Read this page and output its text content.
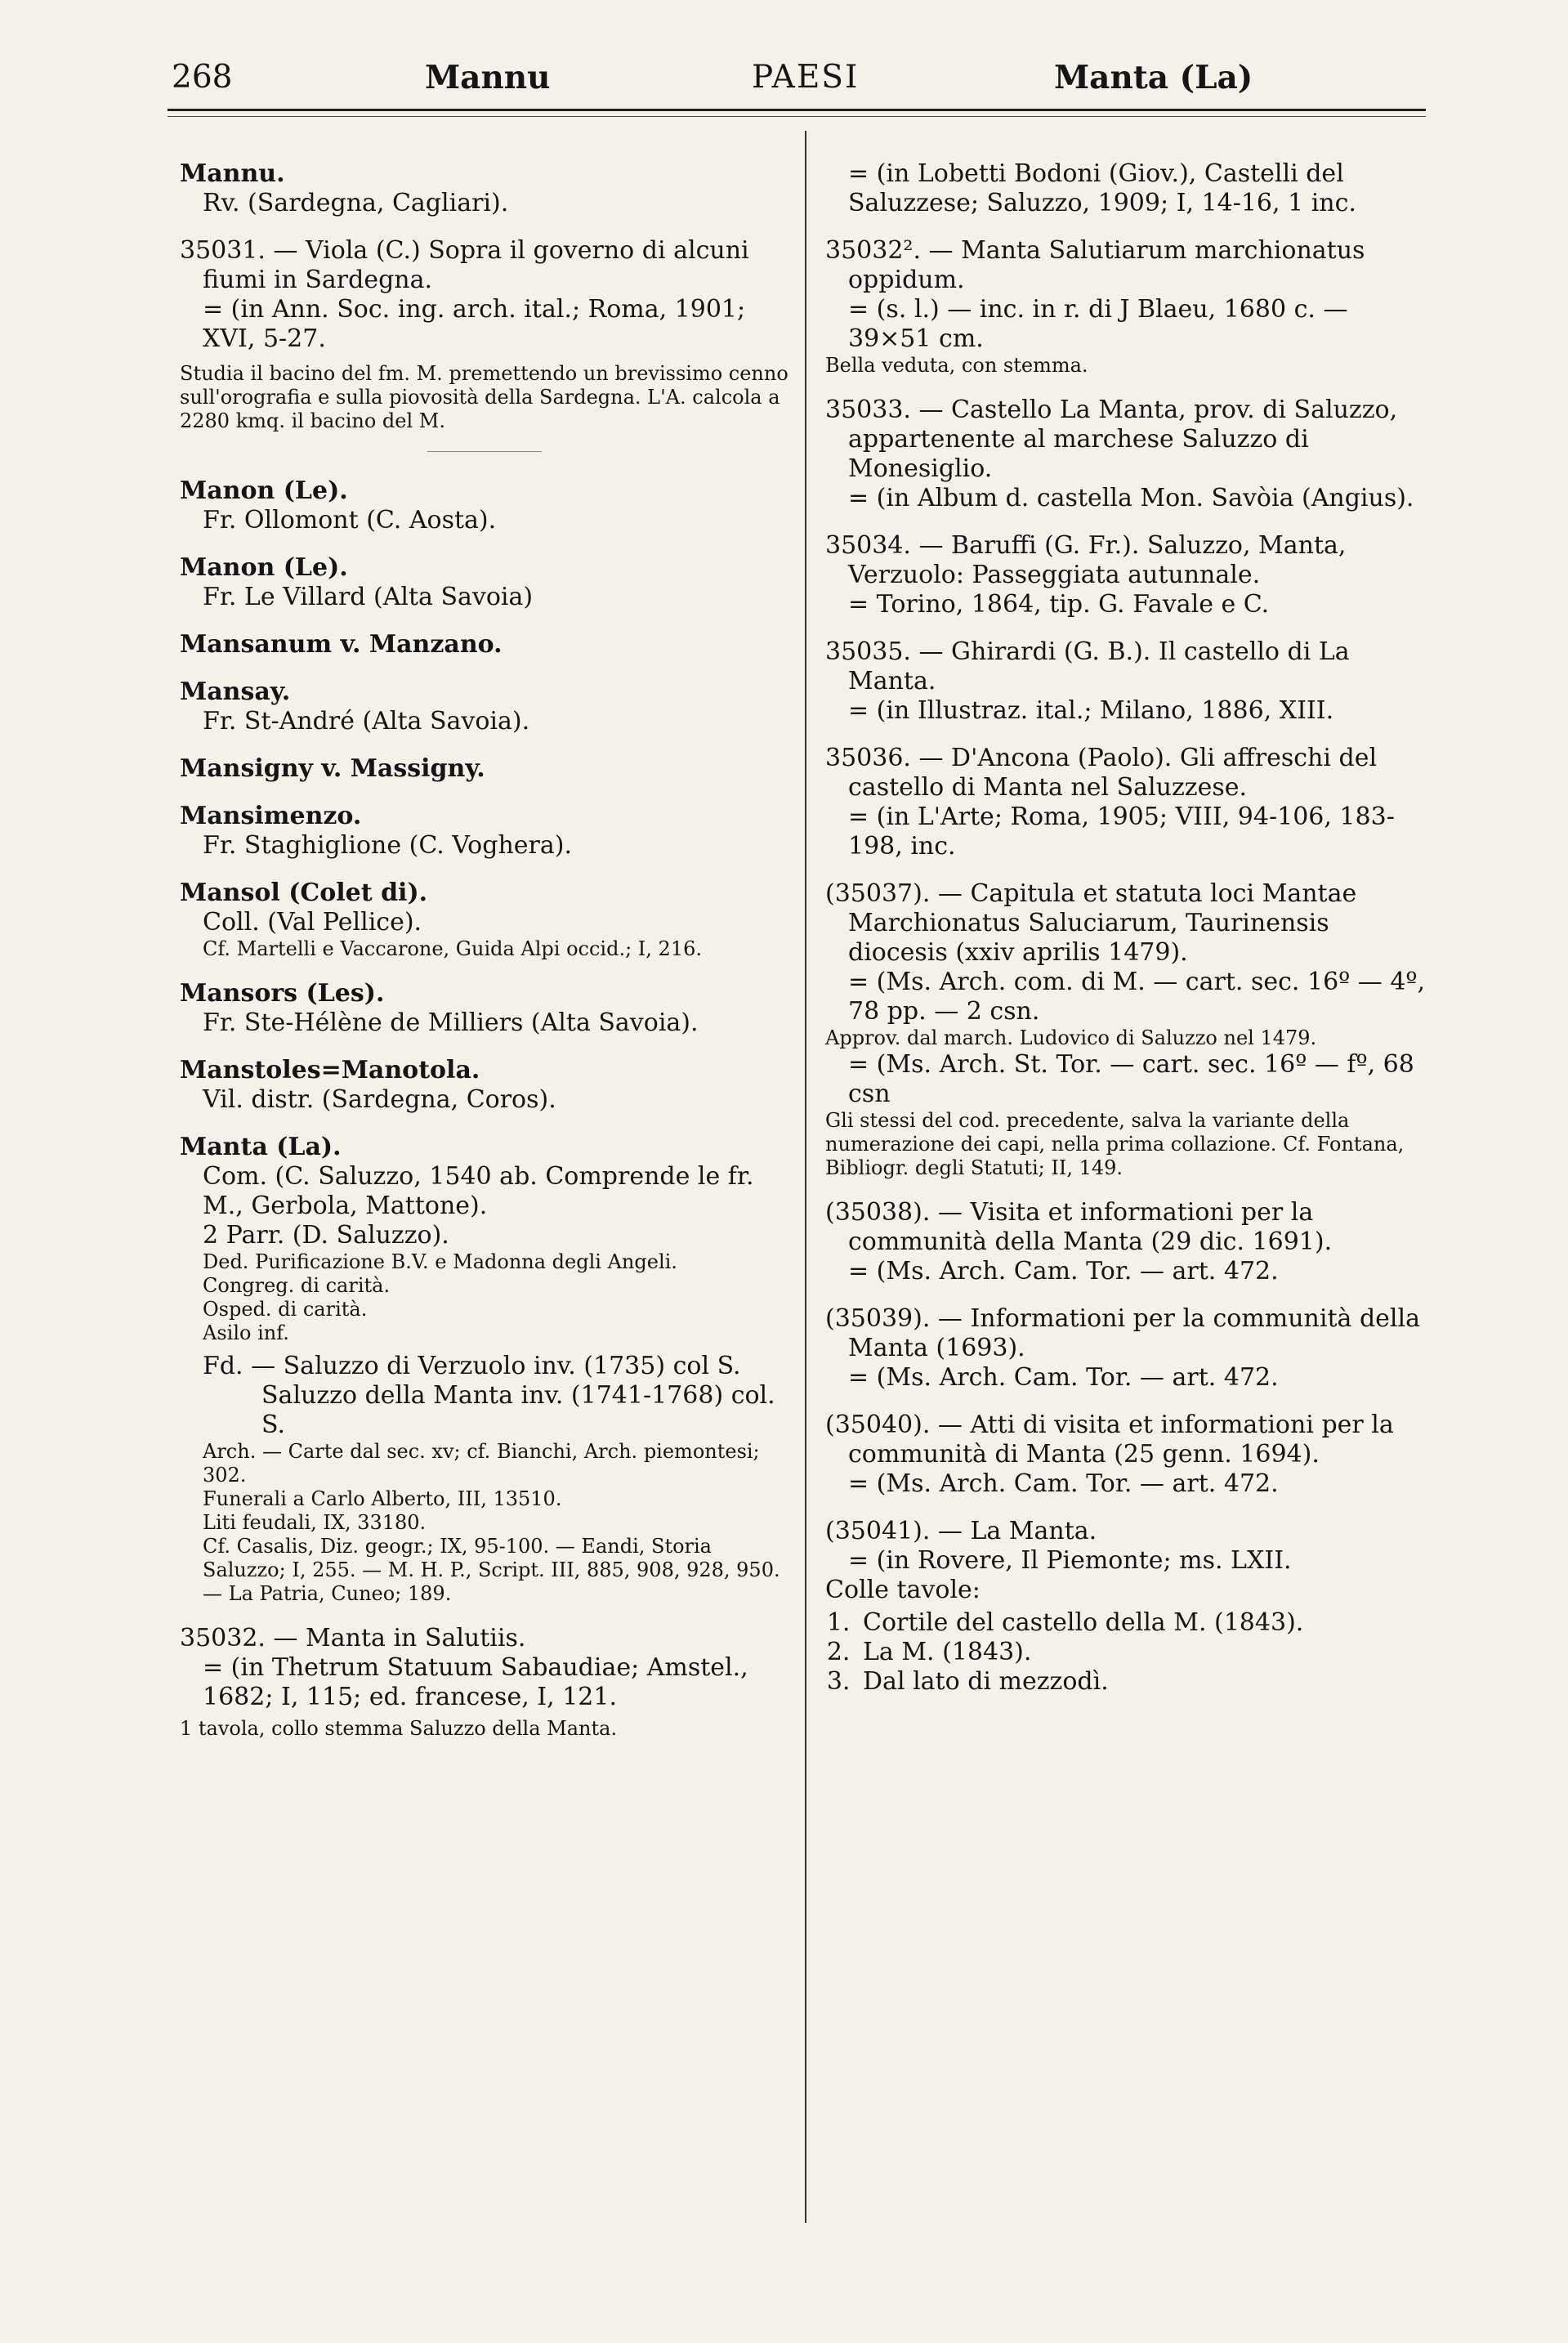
268	Mannu	PAESI	Manta (La)
Mannu.
Rv. (Sardegna, Cagliari).
35031. — Viola (C.) Sopra il governo di alcuni fiumi in Sardegna.
= (in Ann. Soc. ing. arch. ital.; Roma, 1901; XVI, 5-27.
Studia il bacino del fm. M. premettendo un brevissimo cenno sull'orografia e sulla piovosità della Sardegna. L'A. calcola a 2280 kmq. il bacino del M.
Manon (Le).
Fr. Ollomont (C. Aosta).
Manon (Le).
Fr. Le Villard (Alta Savoia)
Mansanum v. Manzano.
Mansay.
Fr. St-André (Alta Savoia).
Mansigny v. Massigny.
Mansimenzo.
Fr. Staghiglione (C. Voghera).
Mansol (Colet di).
Coll. (Val Pellice).
Cf. Martelli e Vaccarone, Guida Alpi occid.; I, 216.
Mansors (Les).
Fr. Ste-Hélène de Milliers (Alta Savoia).
Manstoles=Manotola.
Vil. distr. (Sardegna, Coros).
Manta (La).
Com. (C. Saluzzo, 1540 ab. Comprende le fr. M., Gerbola, Mattone).
2 Parr. (D. Saluzzo).
Ded. Purificazione B.V. e Madonna degli Angeli.
Congreg. di carità.
Osped. di carità.
Asilo inf.
Fd. — Saluzzo di Verzuolo inv. (1735) col S.
Saluzzo della Manta inv. (1741-1768) col. S.
Arch. — Carte dal sec. xv; cf. Bianchi, Arch. piemontesi; 302.
Funerali a Carlo Alberto, III, 13510.
Liti feudali, IX, 33180.
Cf. Casalis, Diz. geogr.; IX, 95-100. — Eandi, Storia Saluzzo; I, 255. — M. H. P., Script. III, 885, 908, 928, 950. — La Patria, Cuneo; 189.
35032. — Manta in Salutiis.
= (in Thetrum Statuum Sabaudiae; Amstel., 1682; I, 115; ed. francese, I, 121.
1 tavola, collo stemma Saluzzo della Manta.
= (in Lobetti Bodoni (Giov.), Castelli del Saluzzese; Saluzzo, 1909; I, 14-16, 1 inc.
35032². — Manta Salutiarum marchionatus oppidum.
= (s. l.) — inc. in r. di J Blaeu, 1680 c. — 39×51 cm.
Bella veduta, con stemma.
35033. — Castello La Manta, prov. di Saluzzo, appartenente al marchese Saluzzo di Monesiglio.
= (in Album d. castella Mon. Savòia (Angius).
35034. — Baruffi (G. Fr.). Saluzzo, Manta, Verzuolo: Passeggiata autunnale.
= Torino, 1864, tip. G. Favale e C.
35035. — Ghirardi (G. B.). Il castello di La Manta.
= (in Illustraz. ital.; Milano, 1886, XIII.
35036. — D'Ancona (Paolo). Gli affreschi del castello di Manta nel Saluzzese.
= (in L'Arte; Roma, 1905; VIII, 94-106, 183-198, inc.
(35037). — Capitula et statuta loci Mantae Marchionatus Saluciarum, Taurinensis diocesis (xxiv aprilis 1479).
= (Ms. Arch. com. di M. — cart. sec. 16º — 4º, 78 pp. — 2 csn.
Approv. dal march. Ludovico di Saluzzo nel 1479.
= (Ms. Arch. St. Tor. — cart. sec. 16º — fº, 68 csn
Gli stessi del cod. precedente, salva la variante della numerazione dei capi, nella prima collazione. Cf. Fontana, Bibliogr. degli Statuti; II, 149.
(35038). — Visita et informationi per la communità della Manta (29 dic. 1691).
= (Ms. Arch. Cam. Tor. — art. 472.
(35039). — Informationi per la communità della Manta (1693).
= (Ms. Arch. Cam. Tor. — art. 472.
(35040). — Atti di visita et informationi per la communità di Manta (25 genn. 1694).
= (Ms. Arch. Cam. Tor. — art. 472.
(35041). — La Manta.
= (in Rovere, Il Piemonte; ms. LXII.
Colle tavole:
1. Cortile del castello della M. (1843).
2. La M. (1843).
3. Dal lato di mezzodì.
